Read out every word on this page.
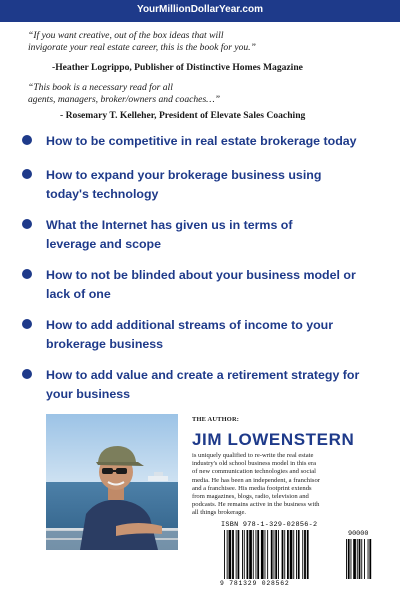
YourMillionDollarYear.com
“If you want creative, out of the box ideas that will
invigorate your real estate career, this is the book for you.”
-Heather Logrippo, Publisher of Distinctive Homes Magazine
“This book is a necessary read for all
agents, managers, broker/owners and coaches…”
- Rosemary T. Kelleher, President of Elevate Sales Coaching
How to be competitive in real estate brokerage today
How to expand your brokerage business using
today's technology
What the Internet has given us in terms of
leverage and scope
How to not be blinded about your business model or
lack of one
How to add additional streams of income to your
brokerage business
How to add value and create a retirement strategy for
your business
THE AUTHOR:
JIM LOWENSTERN
is uniquely qualified to re-write the real estate
industry's old school business model in this era
of new communication technologies and social
media. He has been an independent, a franchisor
and a franchisee. His media footprint extends
from magazines, blogs, radio, television and
podcasts. He remains active in the business with
all things brokerage.
ISBN 978-1-329-02856-2
90000
9 781329 028562
